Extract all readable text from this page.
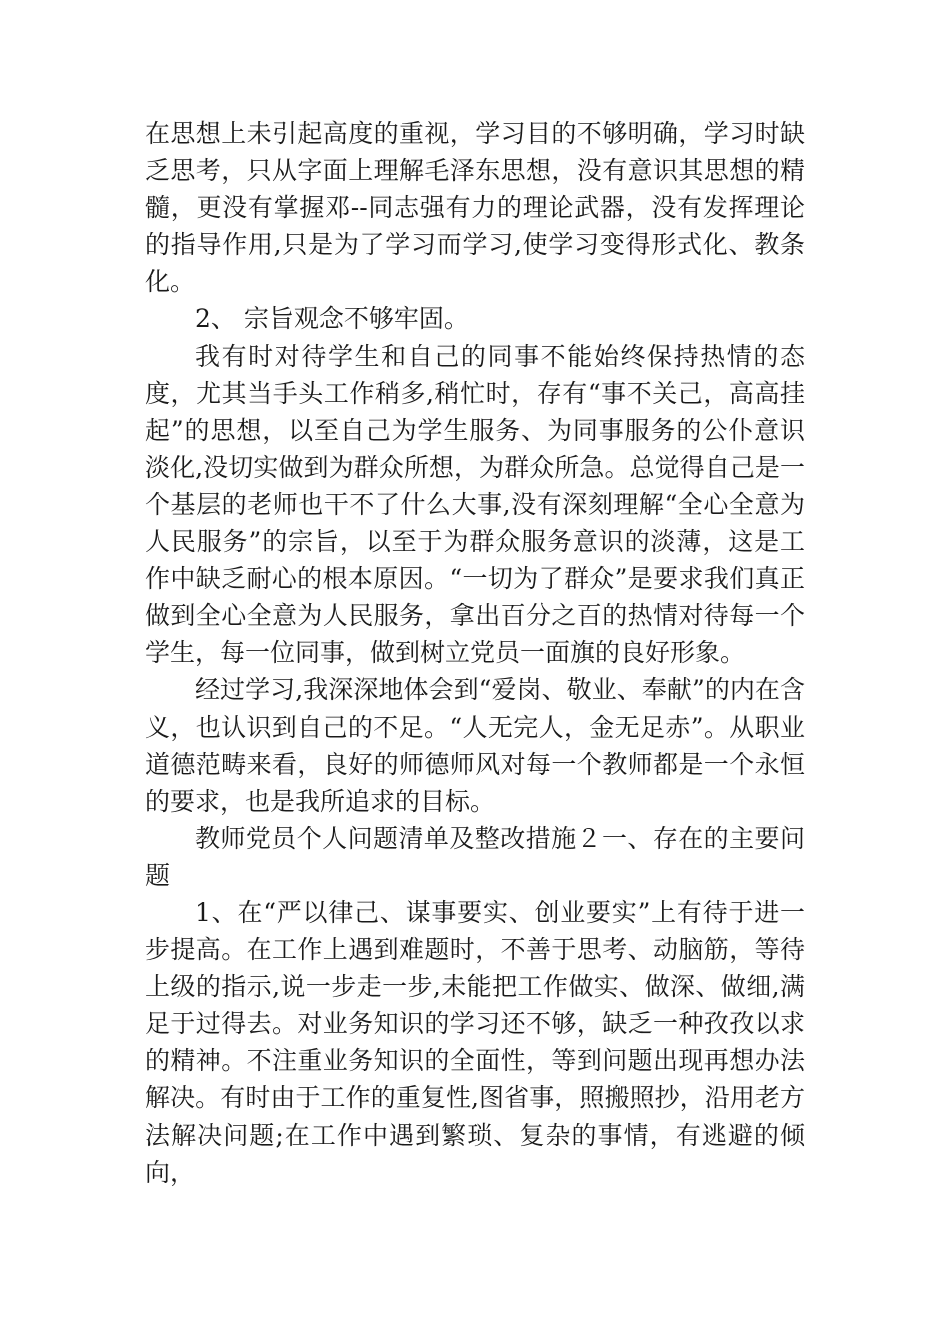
在思想上未引起高度的重视，学习目的不够明确，学习时缺乏思考，只从字面上理解毛泽东思想，没有意识其思想的精髓，更没有掌握邓--同志强有力的理论武器，没有发挥理论的指导作用,只是为了学习而学习,使学习变得形式化、教条化。

2、 宗旨观念不够牢固。

我有时对待学生和自己的同事不能始终保持热情的态度，尤其当手头工作稍多,稍忙时，存有“事不关己，高高挂起”的思想，以至自己为学生服务、为同事服务的公仆意识淡化,没切实做到为群众所想，为群众所急。总觉得自己是一个基层的老师也干不了什么大事,没有深刻理解“全心全意为人民服务”的宗旨，以至于为群众服务意识的淡薄，这是工作中缺乏耐心的根本原因。“一切为了群众”是要求我们真正做到全心全意为人民服务，拿出百分之百的热情对待每一个学生，每一位同事，做到树立党员一面旗的良好形象。

经过学习,我深深地体会到“爱岗、敬业、奉献”的内在含义，也认识到自己的不足。“人无完人，金无足赤”。从职业道德范畴来看，良好的师德师风对每一个教师都是一个永恒的要求，也是我所追求的目标。

教师党员个人问题清单及整改措施２一、存在的主要问题

1、在“严以律己、谋事要实、创业要实”上有待于进一步提高。在工作上遇到难题时，不善于思考、动脑筋，等待上级的指示,说一步走一步,未能把工作做实、做深、做细,满足于过得去。对业务知识的学习还不够，缺乏一种孜孜以求的精神。不注重业务知识的全面性，等到问题出现再想办法解决。有时由于工作的重复性,图省事，照搬照抄，沿用老方法解决问题;在工作中遇到繁琐、复杂的事情，有逃避的倾向，
